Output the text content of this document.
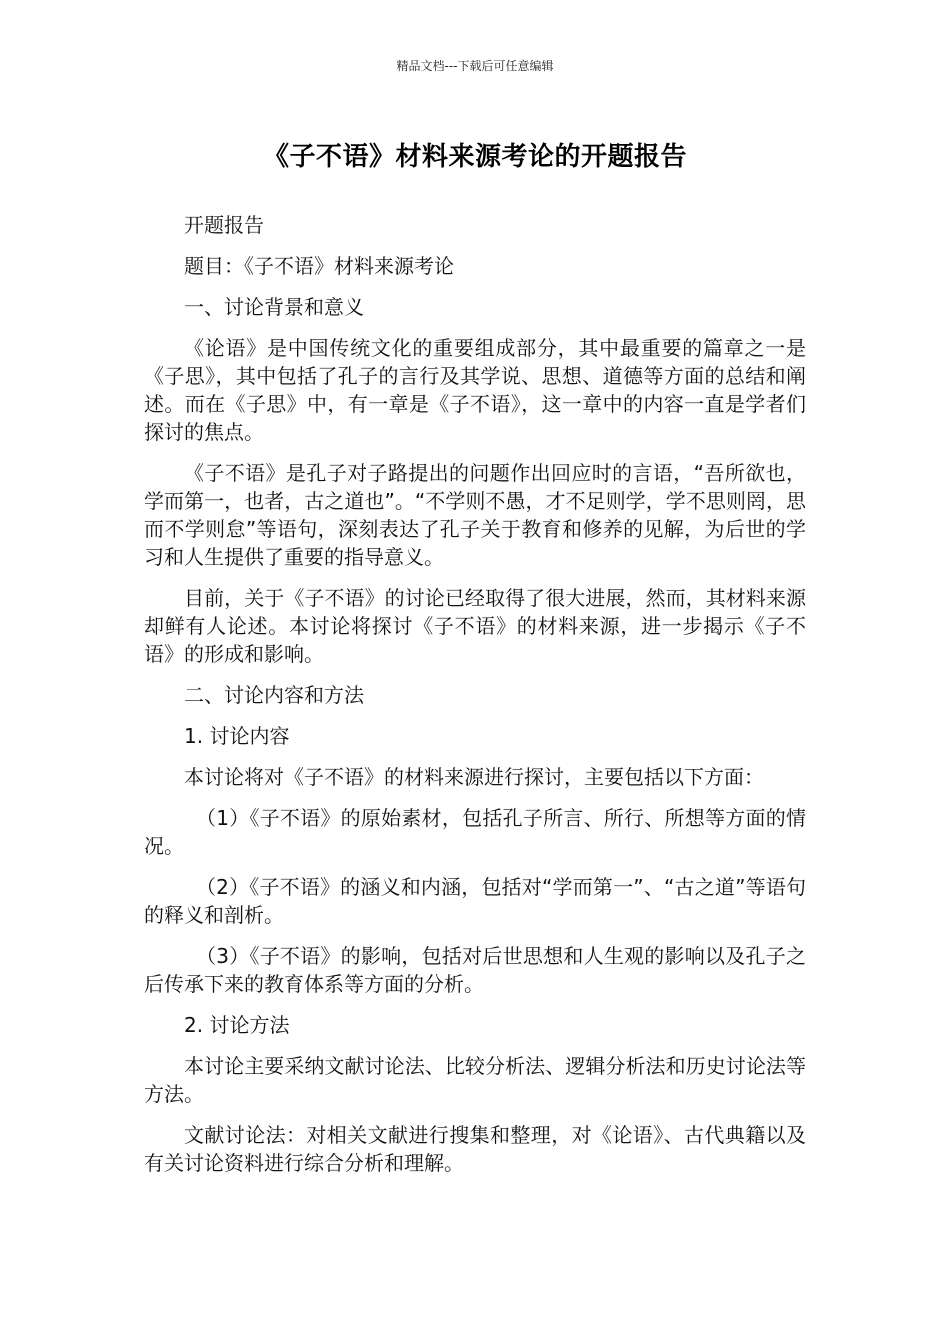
精品文档---下载后可任意编辑
《子不语》材料来源考论的开题报告

开题报告

题目：《子不语》材料来源考论

一、讨论背景和意义

《论语》是中国传统文化的重要组成部分，其中最重要的篇章之一是《子思》，其中包括了孔子的言行及其学说、思想、道德等方面的总结和阐述。而在《子思》中，有一章是《子不语》，这一章中的内容一直是学者们探讨的焦点。

《子不语》是孔子对子路提出的问题作出回应时的言语，“吾所欲也，学而第一，也者，古之道也”。“不学则不愚，才不足则学，学不思则罔，思而不学则怠”等语句，深刻表达了孔子关于教育和修养的见解，为后世的学习和人生提供了重要的指导意义。

目前，关于《子不语》的讨论已经取得了很大进展，然而，其材料来源却鲜有人论述。本讨论将探讨《子不语》的材料来源，进一步揭示《子不语》的形成和影响。

二、讨论内容和方法

1. 讨论内容

本讨论将对《子不语》的材料来源进行探讨，主要包括以下方面：

（1）《子不语》的原始素材，包括孔子所言、所行、所想等方面的情况。

（2）《子不语》的涵义和内涵，包括对“学而第一”、“古之道”等语句的释义和剖析。

（3）《子不语》的影响，包括对后世思想和人生观的影响以及孔子之后传承下来的教育体系等方面的分析。

2. 讨论方法

本讨论主要采纳文献讨论法、比较分析法、逻辑分析法和历史讨论法等方法。

文献讨论法：对相关文献进行搜集和整理，对《论语》、古代典籍以及有关讨论资料进行综合分析和理解。
